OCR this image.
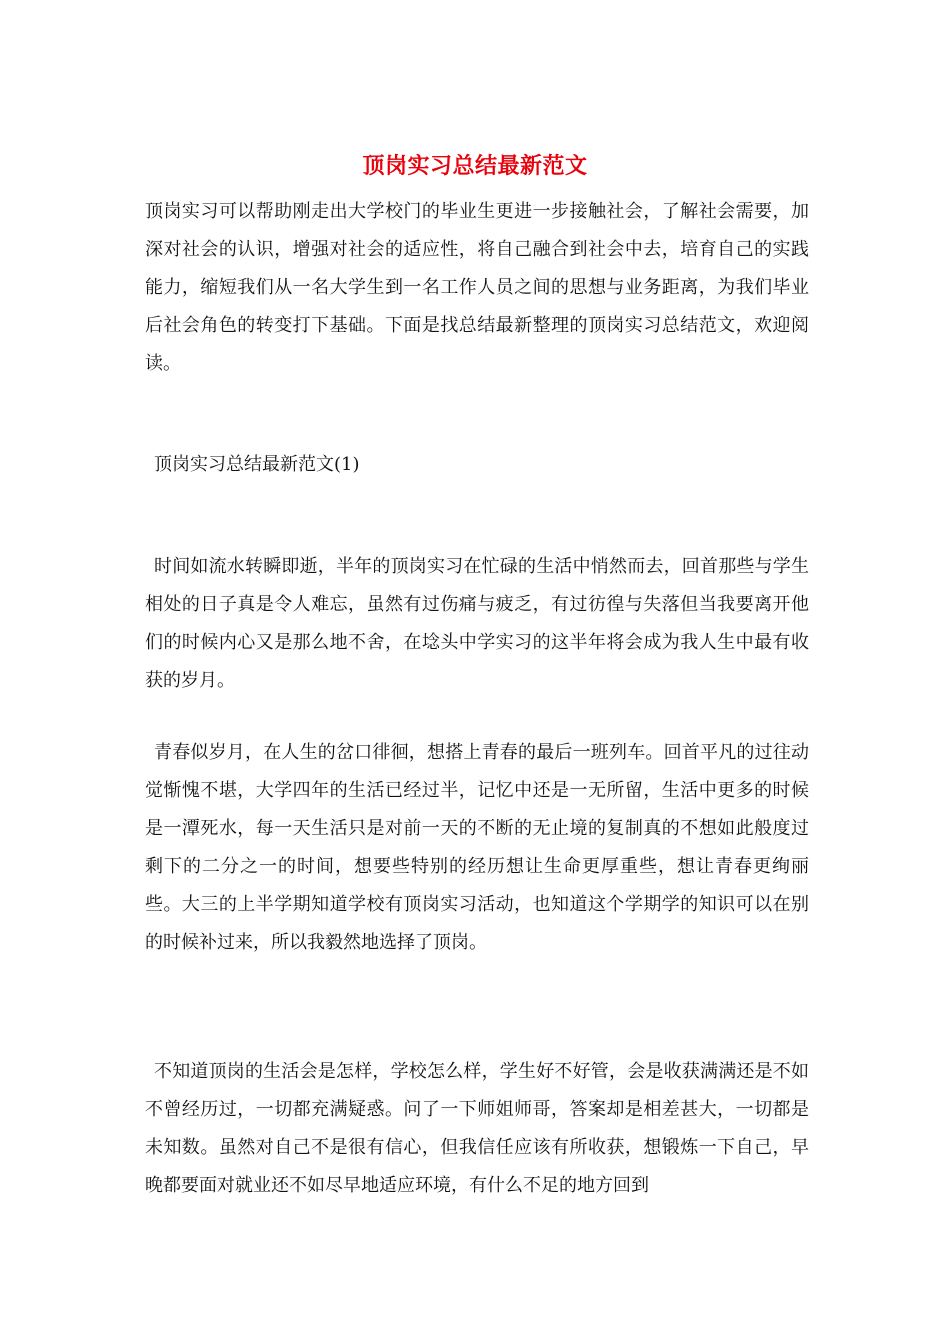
顶岗实习总结最新范文

顶岗实习可以帮助刚走出大学校门的毕业生更进一步接触社会，了解社会需要，加深对社会的认识，增强对社会的适应性，将自己融合到社会中去，培育自己的实践能力，缩短我们从一名大学生到一名工作人员之间的思想与业务距离，为我们毕业后社会角色的转变打下基础。下面是找总结最新整理的顶岗实习总结范文，欢迎阅读。

顶岗实习总结最新范文(1)

时间如流水转瞬即逝，半年的顶岗实习在忙碌的生活中悄然而去，回首那些与学生相处的日子真是令人难忘，虽然有过伤痛与疲乏，有过彷徨与失落但当我要离开他们的时候内心又是那么地不舍，在埝头中学实习的这半年将会成为我人生中最有收获的岁月。

青春似岁月，在人生的岔口徘徊，想搭上青春的最后一班列车。回首平凡的过往动觉惭愧不堪，大学四年的生活已经过半，记忆中还是一无所留，生活中更多的时候是一潭死水，每一天生活只是对前一天的不断的无止境的复制真的不想如此般度过剩下的二分之一的时间，想要些特别的经历想让生命更厚重些，想让青春更绚丽些。大三的上半学期知道学校有顶岗实习活动，也知道这个学期学的知识可以在别的时候补过来，所以我毅然地选择了顶岗。

不知道顶岗的生活会是怎样，学校怎么样，学生好不好管，会是收获满满还是不如不曾经历过，一切都充满疑惑。问了一下师姐师哥，答案却是相差甚大，一切都是未知数。虽然对自己不是很有信心，但我信任应该有所收获，想锻炼一下自己，早晚都要面对就业还不如尽早地适应环境，有什么不足的地方回到
